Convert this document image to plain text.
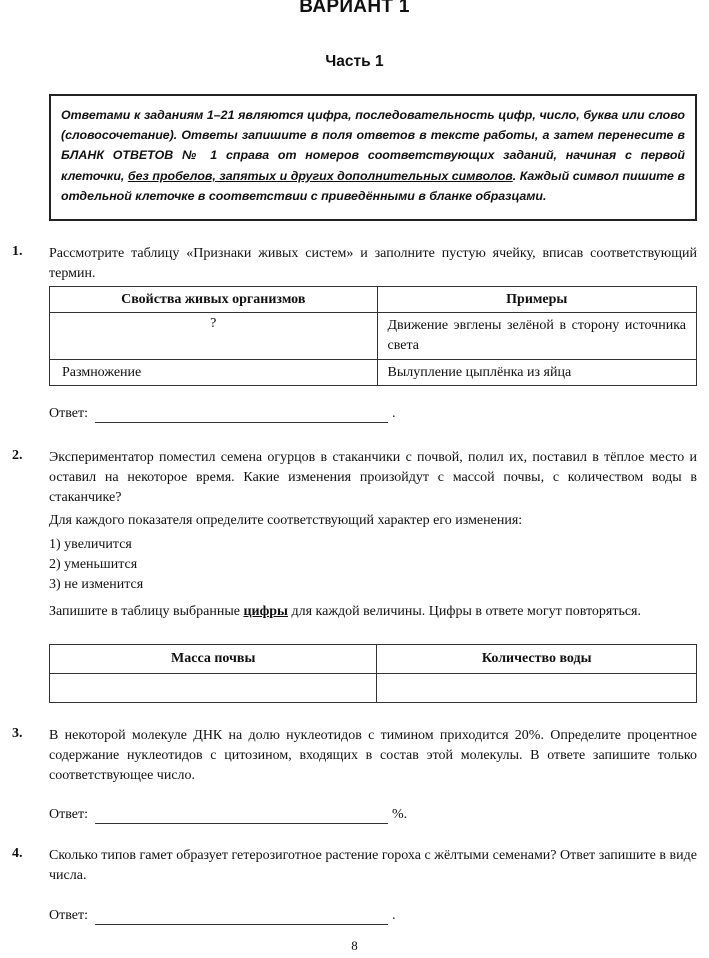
ВАРИАНТ 1
Часть 1
Ответами к заданиям 1–21 являются цифра, последовательность цифр, число, буква или слово (словосочетание). Ответы запишите в поля ответов в тексте работы, а затем перенесите в БЛАНК ОТВЕТОВ № 1 справа от номеров соответствующих заданий, начиная с первой клеточки, без пробелов, запятых и других дополнительных символов. Каждый символ пишите в отдельной клеточке в соответствии с приведёнными в бланке образцами.
1. Рассмотрите таблицу «Признаки живых систем» и заполните пустую ячейку, вписав соответствующий термин.
Свойства живых организмов	Примеры
?	Движение эвглены зелёной в сторону источника света
Размножение	Вылупление цыплёнка из яйца
Ответ:	.
2. Экспериментатор поместил семена огурцов в стаканчики с почвой, полил их, поставил в тёплое место и оставил на некоторое время. Какие изменения произойдут с массой почвы, с количеством воды в стаканчике?
Для каждого показателя определите соответствующий характер его изменения:
1) увеличится
2) уменьшится
3) не изменится
Запишите в таблицу выбранные цифры для каждой величины. Цифры в ответе могут повторяться.
Масса почвы	Количество воды

3. В некоторой молекуле ДНК на долю нуклеотидов с тимином приходится 20%. Определите процентное содержание нуклеотидов с цитозином, входящих в состав этой молекулы. В ответе запишите только соответствующее число.
Ответ:	%.
4. Сколько типов гамет образует гетерозиготное растение гороха с жёлтыми семенами? Ответ запишите в виде числа.
Ответ:	.
8
